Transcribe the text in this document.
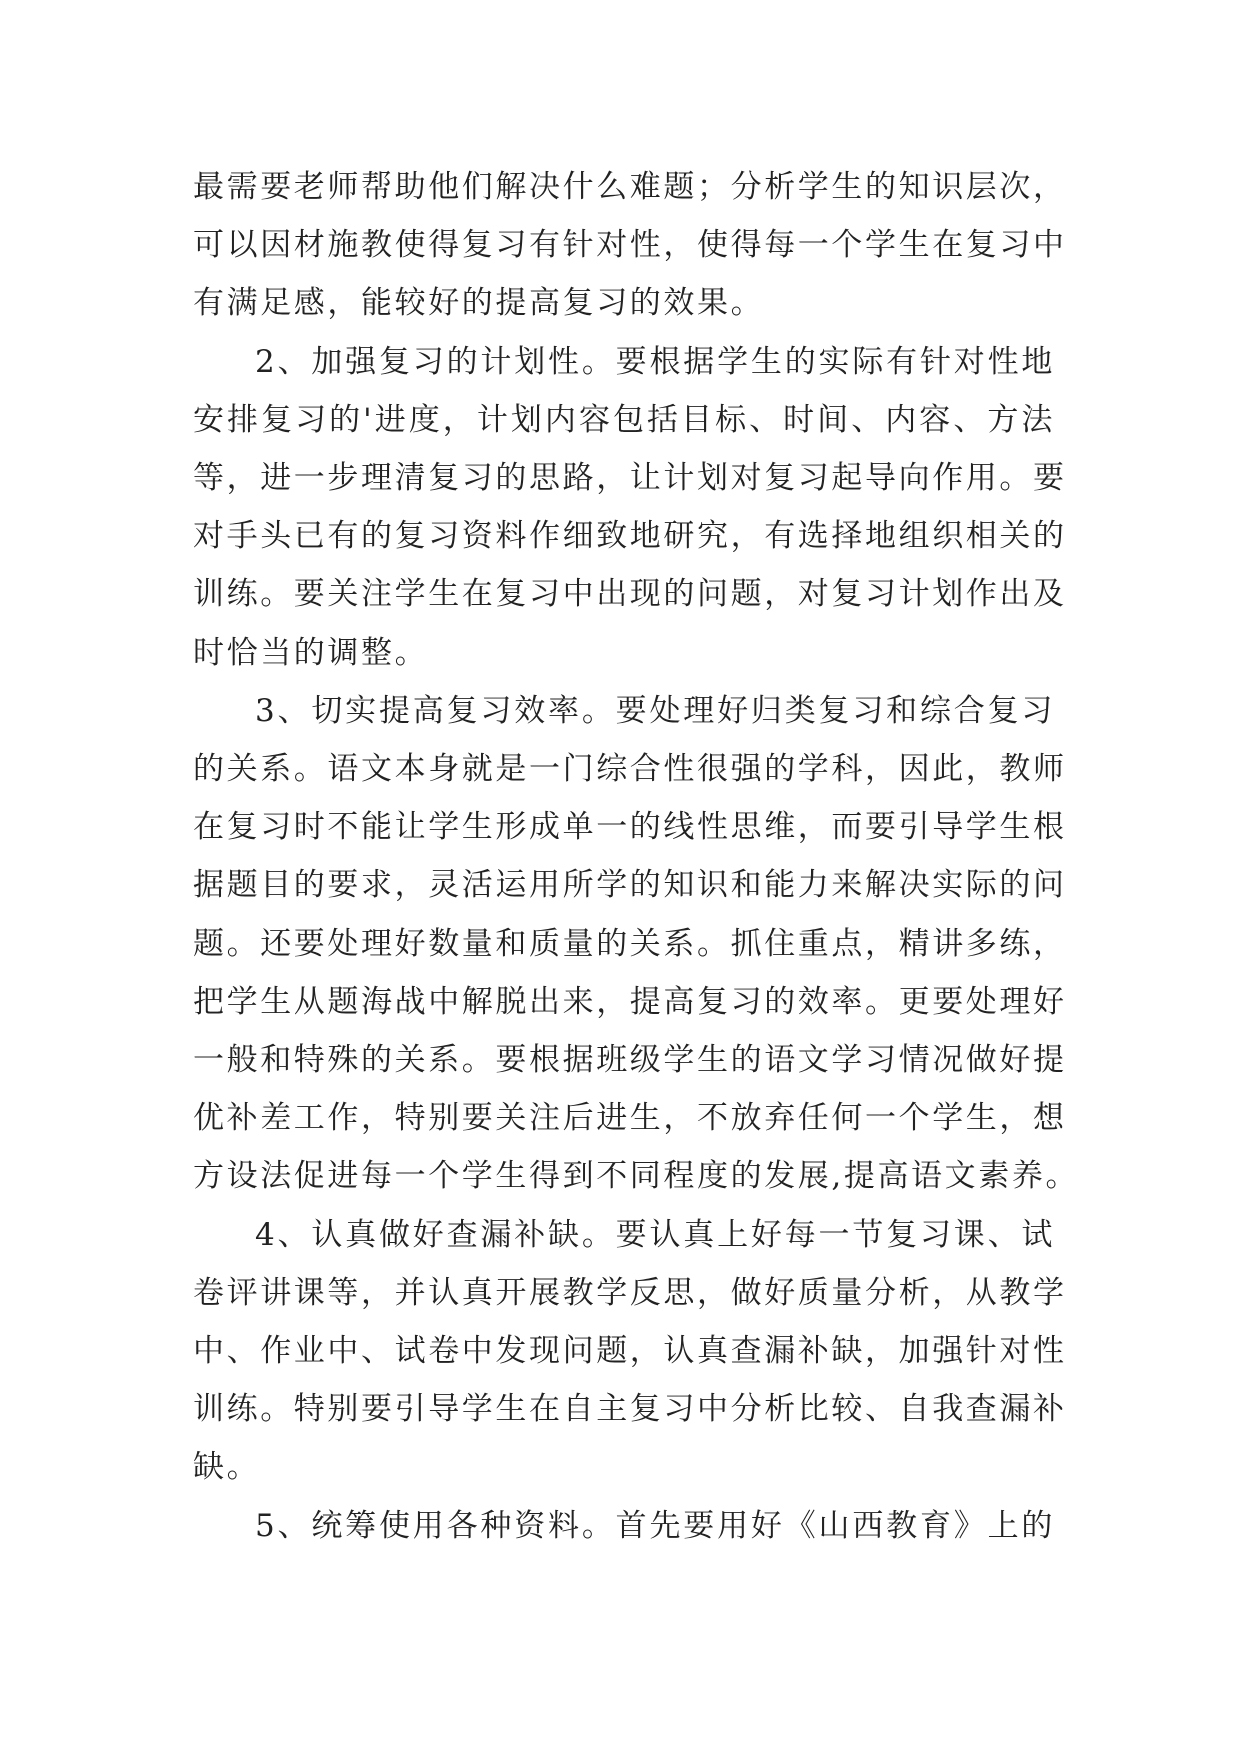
最需要老师帮助他们解决什么难题；分析学生的知识层次，
可以因材施教使得复习有针对性，使得每一个学生在复习中
有满足感，能较好的提高复习的效果。

2、加强复习的计划性。要根据学生的实际有针对性地
安排复习的'进度，计划内容包括目标、时间、内容、方法
等，进一步理清复习的思路，让计划对复习起导向作用。要
对手头已有的复习资料作细致地研究，有选择地组织相关的
训练。要关注学生在复习中出现的问题，对复习计划作出及
时恰当的调整。

3、切实提高复习效率。要处理好归类复习和综合复习
的关系。语文本身就是一门综合性很强的学科，因此，教师
在复习时不能让学生形成单一的线性思维，而要引导学生根
据题目的要求，灵活运用所学的知识和能力来解决实际的问
题。还要处理好数量和质量的关系。抓住重点，精讲多练，
把学生从题海战中解脱出来，提高复习的效率。更要处理好
一般和特殊的关系。要根据班级学生的语文学习情况做好提
优补差工作，特别要关注后进生，不放弃任何一个学生，想
方设法促进每一个学生得到不同程度的发展,提高语文素养。

4、认真做好查漏补缺。要认真上好每一节复习课、试
卷评讲课等，并认真开展教学反思，做好质量分析，从教学
中、作业中、试卷中发现问题，认真查漏补缺，加强针对性
训练。特别要引导学生在自主复习中分析比较、自我查漏补
缺。

5、统筹使用各种资料。首先要用好《山西教育》上的
